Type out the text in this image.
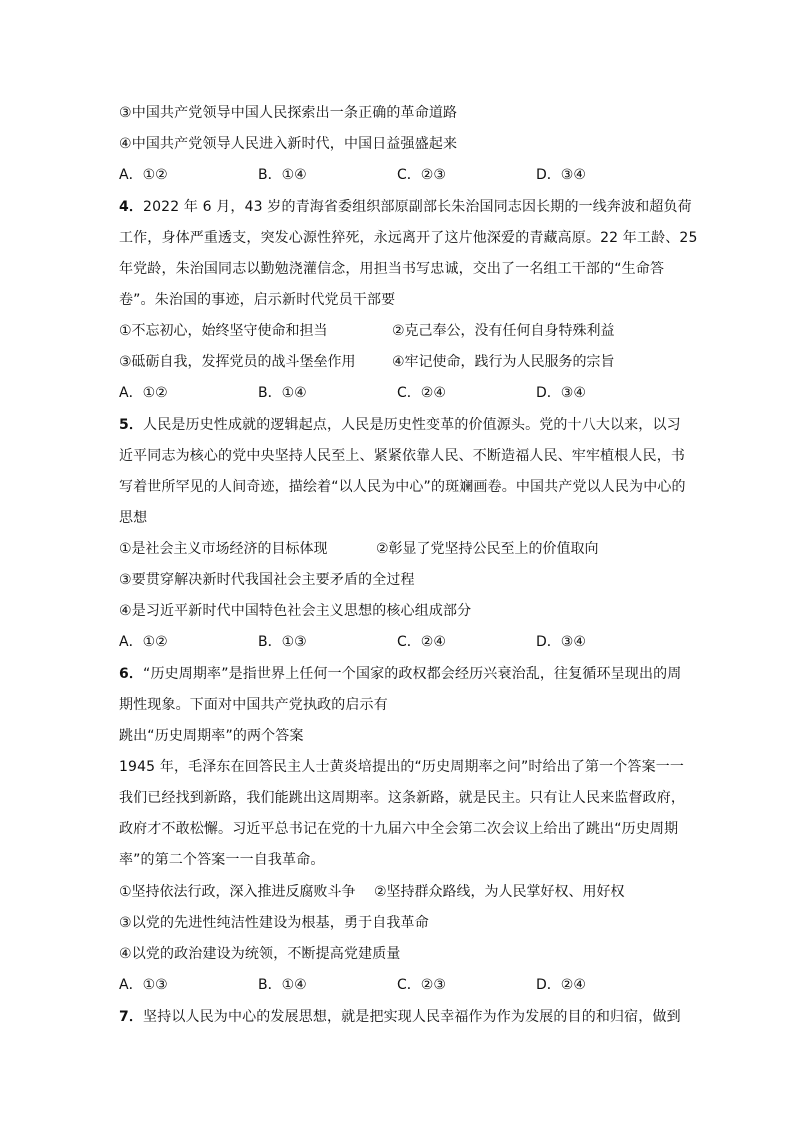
③中国共产党领导中国人民探索出一条正确的革命道路
④中国共产党领导人民进入新时代，中国日益强盛起来
A．①②	B．①④	C．②③	D．③④
4．2022 年 6 月，43 岁的青海省委组织部原副部长朱治国同志因长期的一线奔波和超负荷
工作，身体严重透支，突发心源性猝死，永远离开了这片他深爱的青藏高原。22 年工龄、25
年党龄，朱治国同志以勤勉浇灌信念，用担当书写忠诚，交出了一名组工干部的“生命答
卷”。朱治国的事迹，启示新时代党员干部要
①不忘初心，始终坚守使命和担当	②克己奉公，没有任何自身特殊利益
③砥砺自我，发挥党员的战斗堡垒作用	④牢记使命，践行为人民服务的宗旨
A．①②	B．①④	C．②④	D．③④
5．人民是历史性成就的逻辑起点，人民是历史性变革的价值源头。党的十八大以来，以习
近平同志为核心的党中央坚持人民至上、紧紧依靠人民、不断造福人民、牢牢植根人民，书
写着世所罕见的人间奇迹，描绘着“以人民为中心”的斑斓画卷。中国共产党以人民为中心的
思想
①是社会主义市场经济的目标体现	②彰显了党坚持公民至上的价值取向
③要贯穿解决新时代我国社会主要矛盾的全过程
④是习近平新时代中国特色社会主义思想的核心组成部分
A．①②	B．①③	C．②④	D．③④
6．“历史周期率”是指世界上任何一个国家的政权都会经历兴衰治乱，往复循环呈现出的周
期性现象。下面对中国共产党执政的启示有
跳出“历史周期率”的两个答案
1945 年，毛泽东在回答民主人士黄炎培提出的“历史周期率之问”时给出了第一个答案一一
我们已经找到新路，我们能跳出这周期率。这条新路，就是民主。只有让人民来监督政府，
政府才不敢松懈。习近平总书记在党的十九届六中全会第二次会议上给出了跳出“历史周期
率”的第二个答案一一自我革命。
①坚持依法行政，深入推进反腐败斗争 ②坚持群众路线，为人民掌好权、用好权
③以党的先进性纯洁性建设为根基，勇于自我革命
④以党的政治建设为统领，不断提高党建质量
A．①③	B．①④	C．②③	D．②④
7．坚持以人民为中心的发展思想，就是把实现人民幸福作为作为发展的目的和归宿，做到
